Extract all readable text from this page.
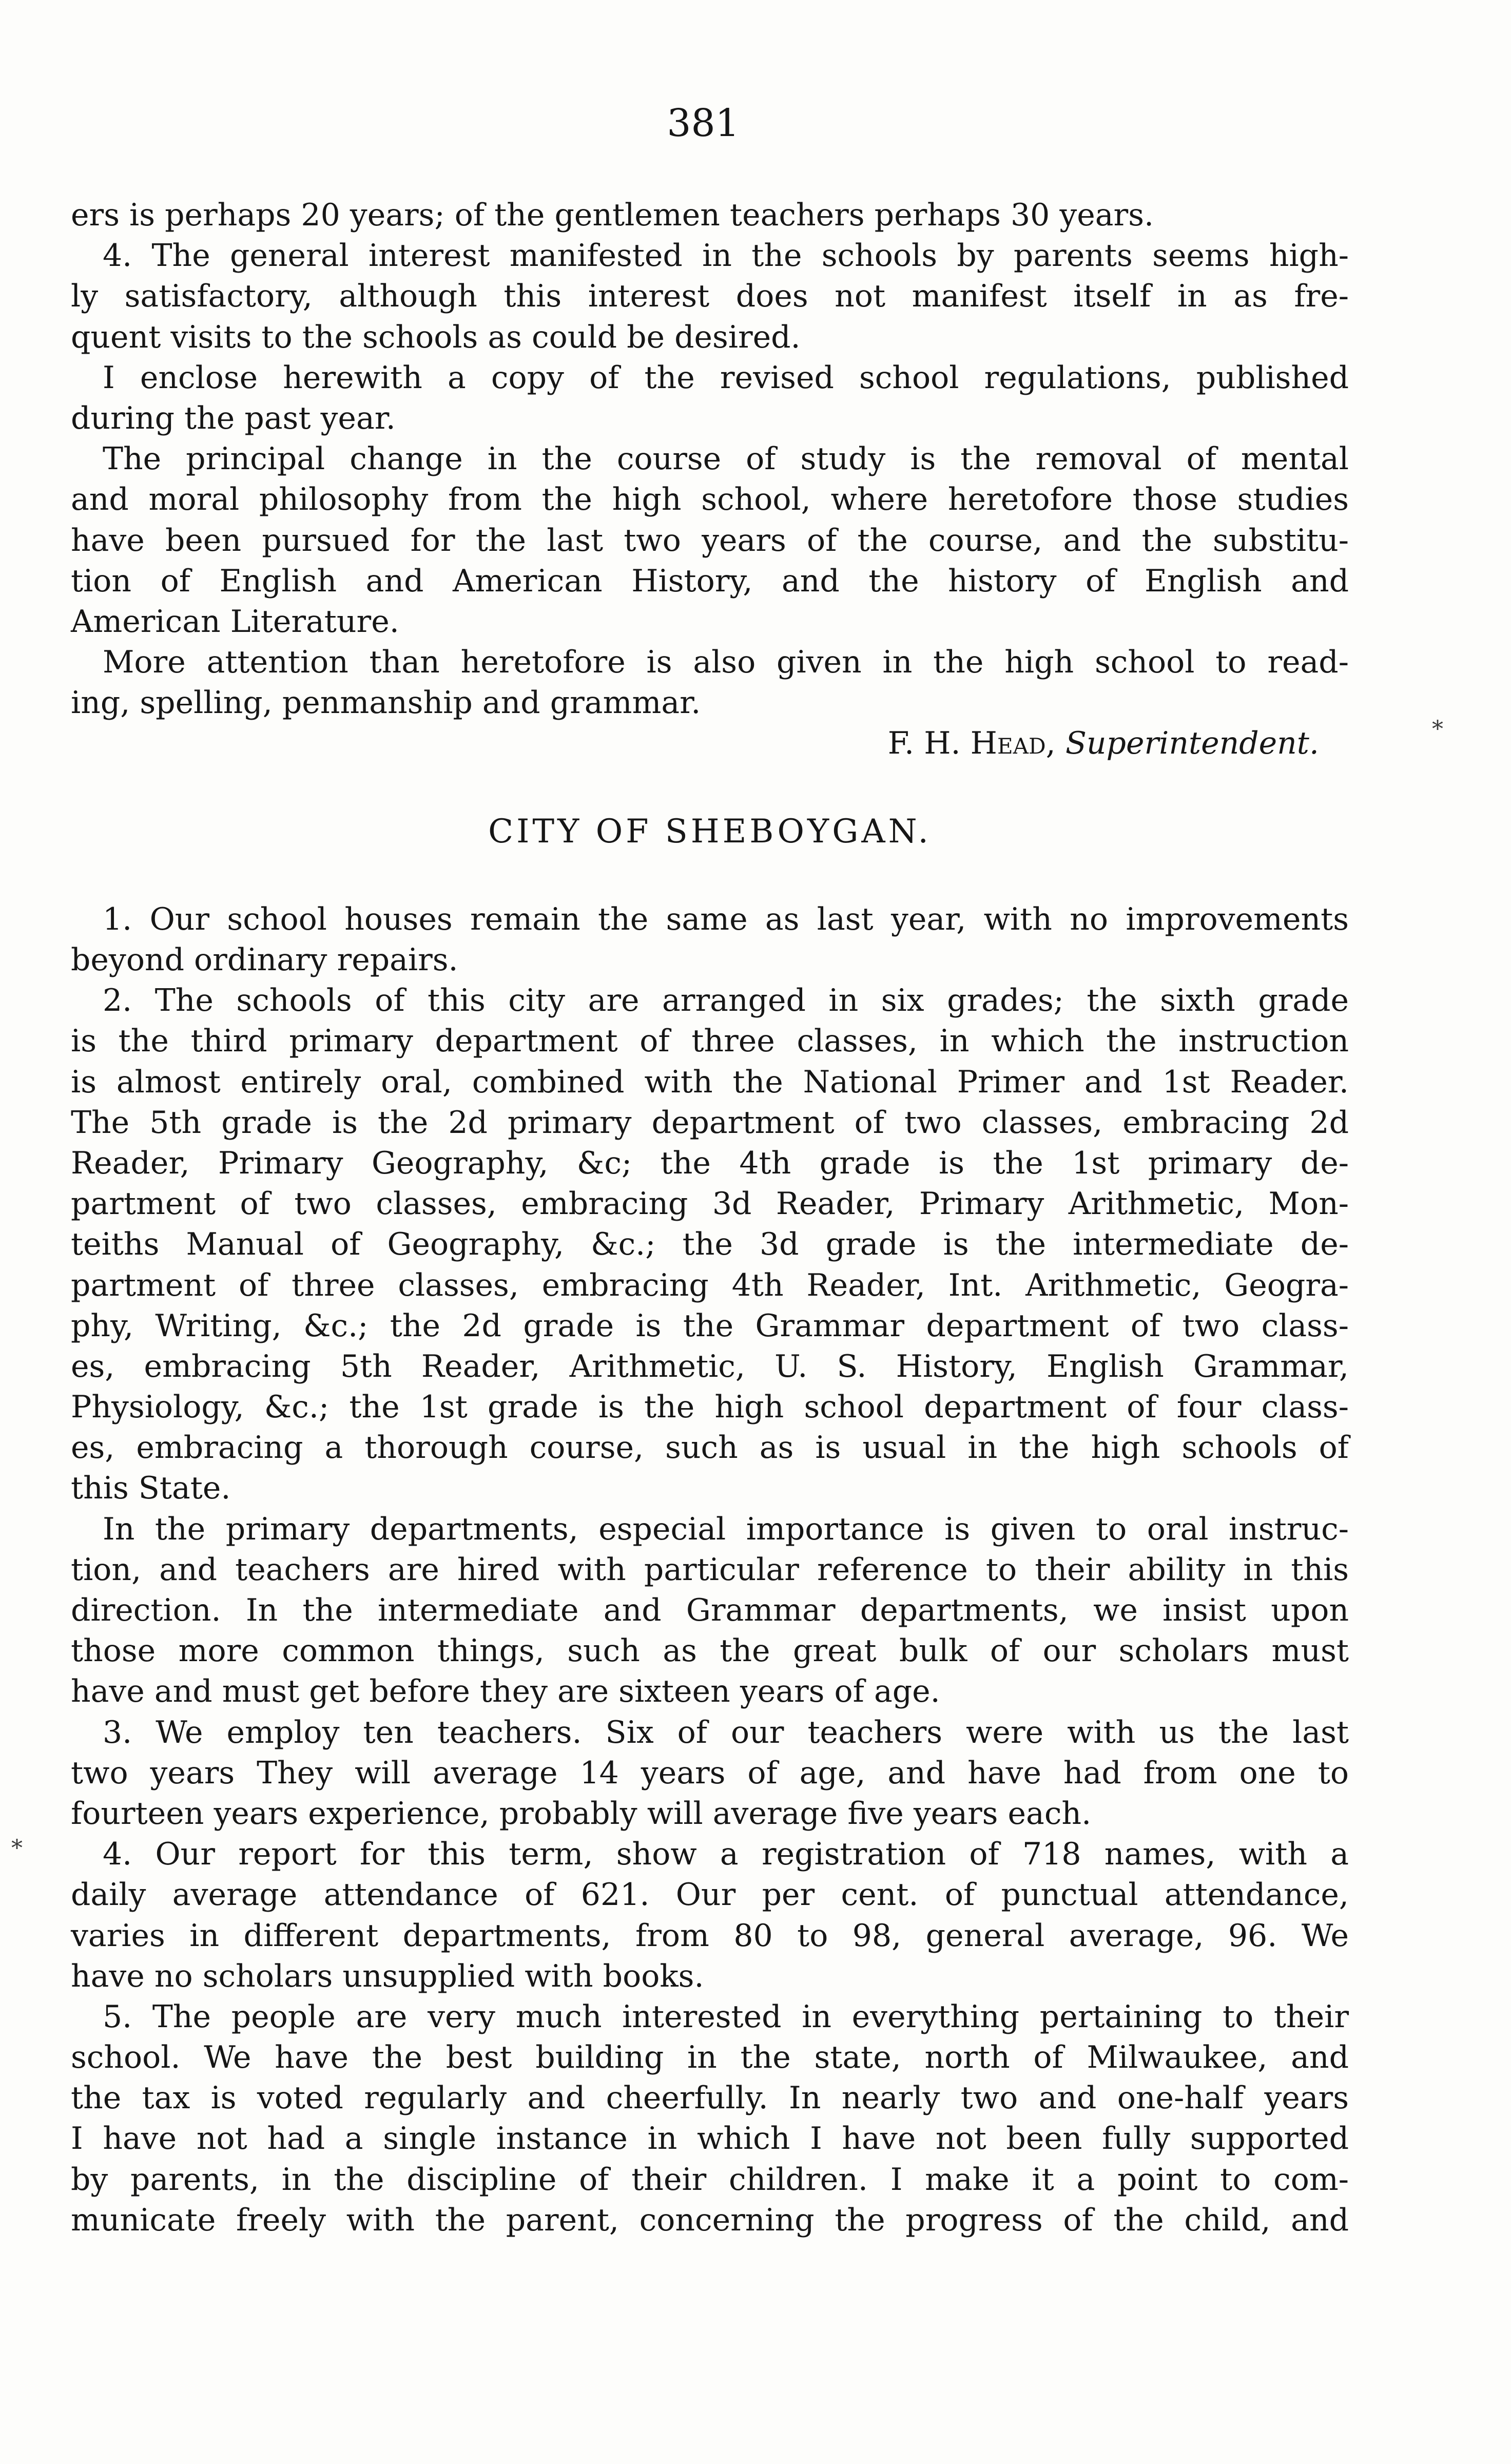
381
ers is perhaps 20 years; of the gentlemen teachers perhaps 30 years.
4. The general interest manifested in the schools by parents seems high-
ly satisfactory, although this interest does not manifest itself in as fre-
quent visits to the schools as could be desired.
I enclose herewith a copy of the revised school regulations, published
during the past year.
The principal change in the course of study is the removal of mental
and moral philosophy from the high school, where heretofore those studies
have been pursued for the last two years of the course, and the substitu-
tion of English and American History, and the history of English and
American Literature.
More attention than heretofore is also given in the high school to read-
ing, spelling, penmanship and grammar.
F. H. Head, Superintendent.
CITY OF SHEBOYGAN.
1. Our school houses remain the same as last year, with no improvements
beyond ordinary repairs.
2. The schools of this city are arranged in six grades; the sixth grade
is the third primary department of three classes, in which the instruction
is almost entirely oral, combined with the National Primer and 1st Reader.
The 5th grade is the 2d primary department of two classes, embracing 2d
Reader, Primary Geography, &c; the 4th grade is the 1st primary de-
partment of two classes, embracing 3d Reader, Primary Arithmetic, Mon-
teiths Manual of Geography, &c.; the 3d grade is the intermediate de-
partment of three classes, embracing 4th Reader, Int. Arithmetic, Geogra-
phy, Writing, &c.; the 2d grade is the Grammar department of two class-
es, embracing 5th Reader, Arithmetic, U. S. History, English Grammar,
Physiology, &c.; the 1st grade is the high school department of four class-
es, embracing a thorough course, such as is usual in the high schools of
this State.
In the primary departments, especial importance is given to oral instruc-
tion, and teachers are hired with particular reference to their ability in this
direction. In the intermediate and Grammar departments, we insist upon
those more common things, such as the great bulk of our scholars must
have and must get before they are sixteen years of age.
3. We employ ten teachers. Six of our teachers were with us the last
two years They will average 14 years of age, and have had from one to
fourteen years experience, probably will average five years each.
4. Our report for this term, show a registration of 718 names, with a
daily average attendance of 621. Our per cent. of punctual attendance,
varies in different departments, from 80 to 98, general average, 96. We
have no scholars unsupplied with books.
5. The people are very much interested in everything pertaining to their
school. We have the best building in the state, north of Milwaukee, and
the tax is voted regularly and cheerfully. In nearly two and one-half years
I have not had a single instance in which I have not been fully supported
by parents, in the discipline of their children. I make it a point to com-
municate freely with the parent, concerning the progress of the child, and
*
*
